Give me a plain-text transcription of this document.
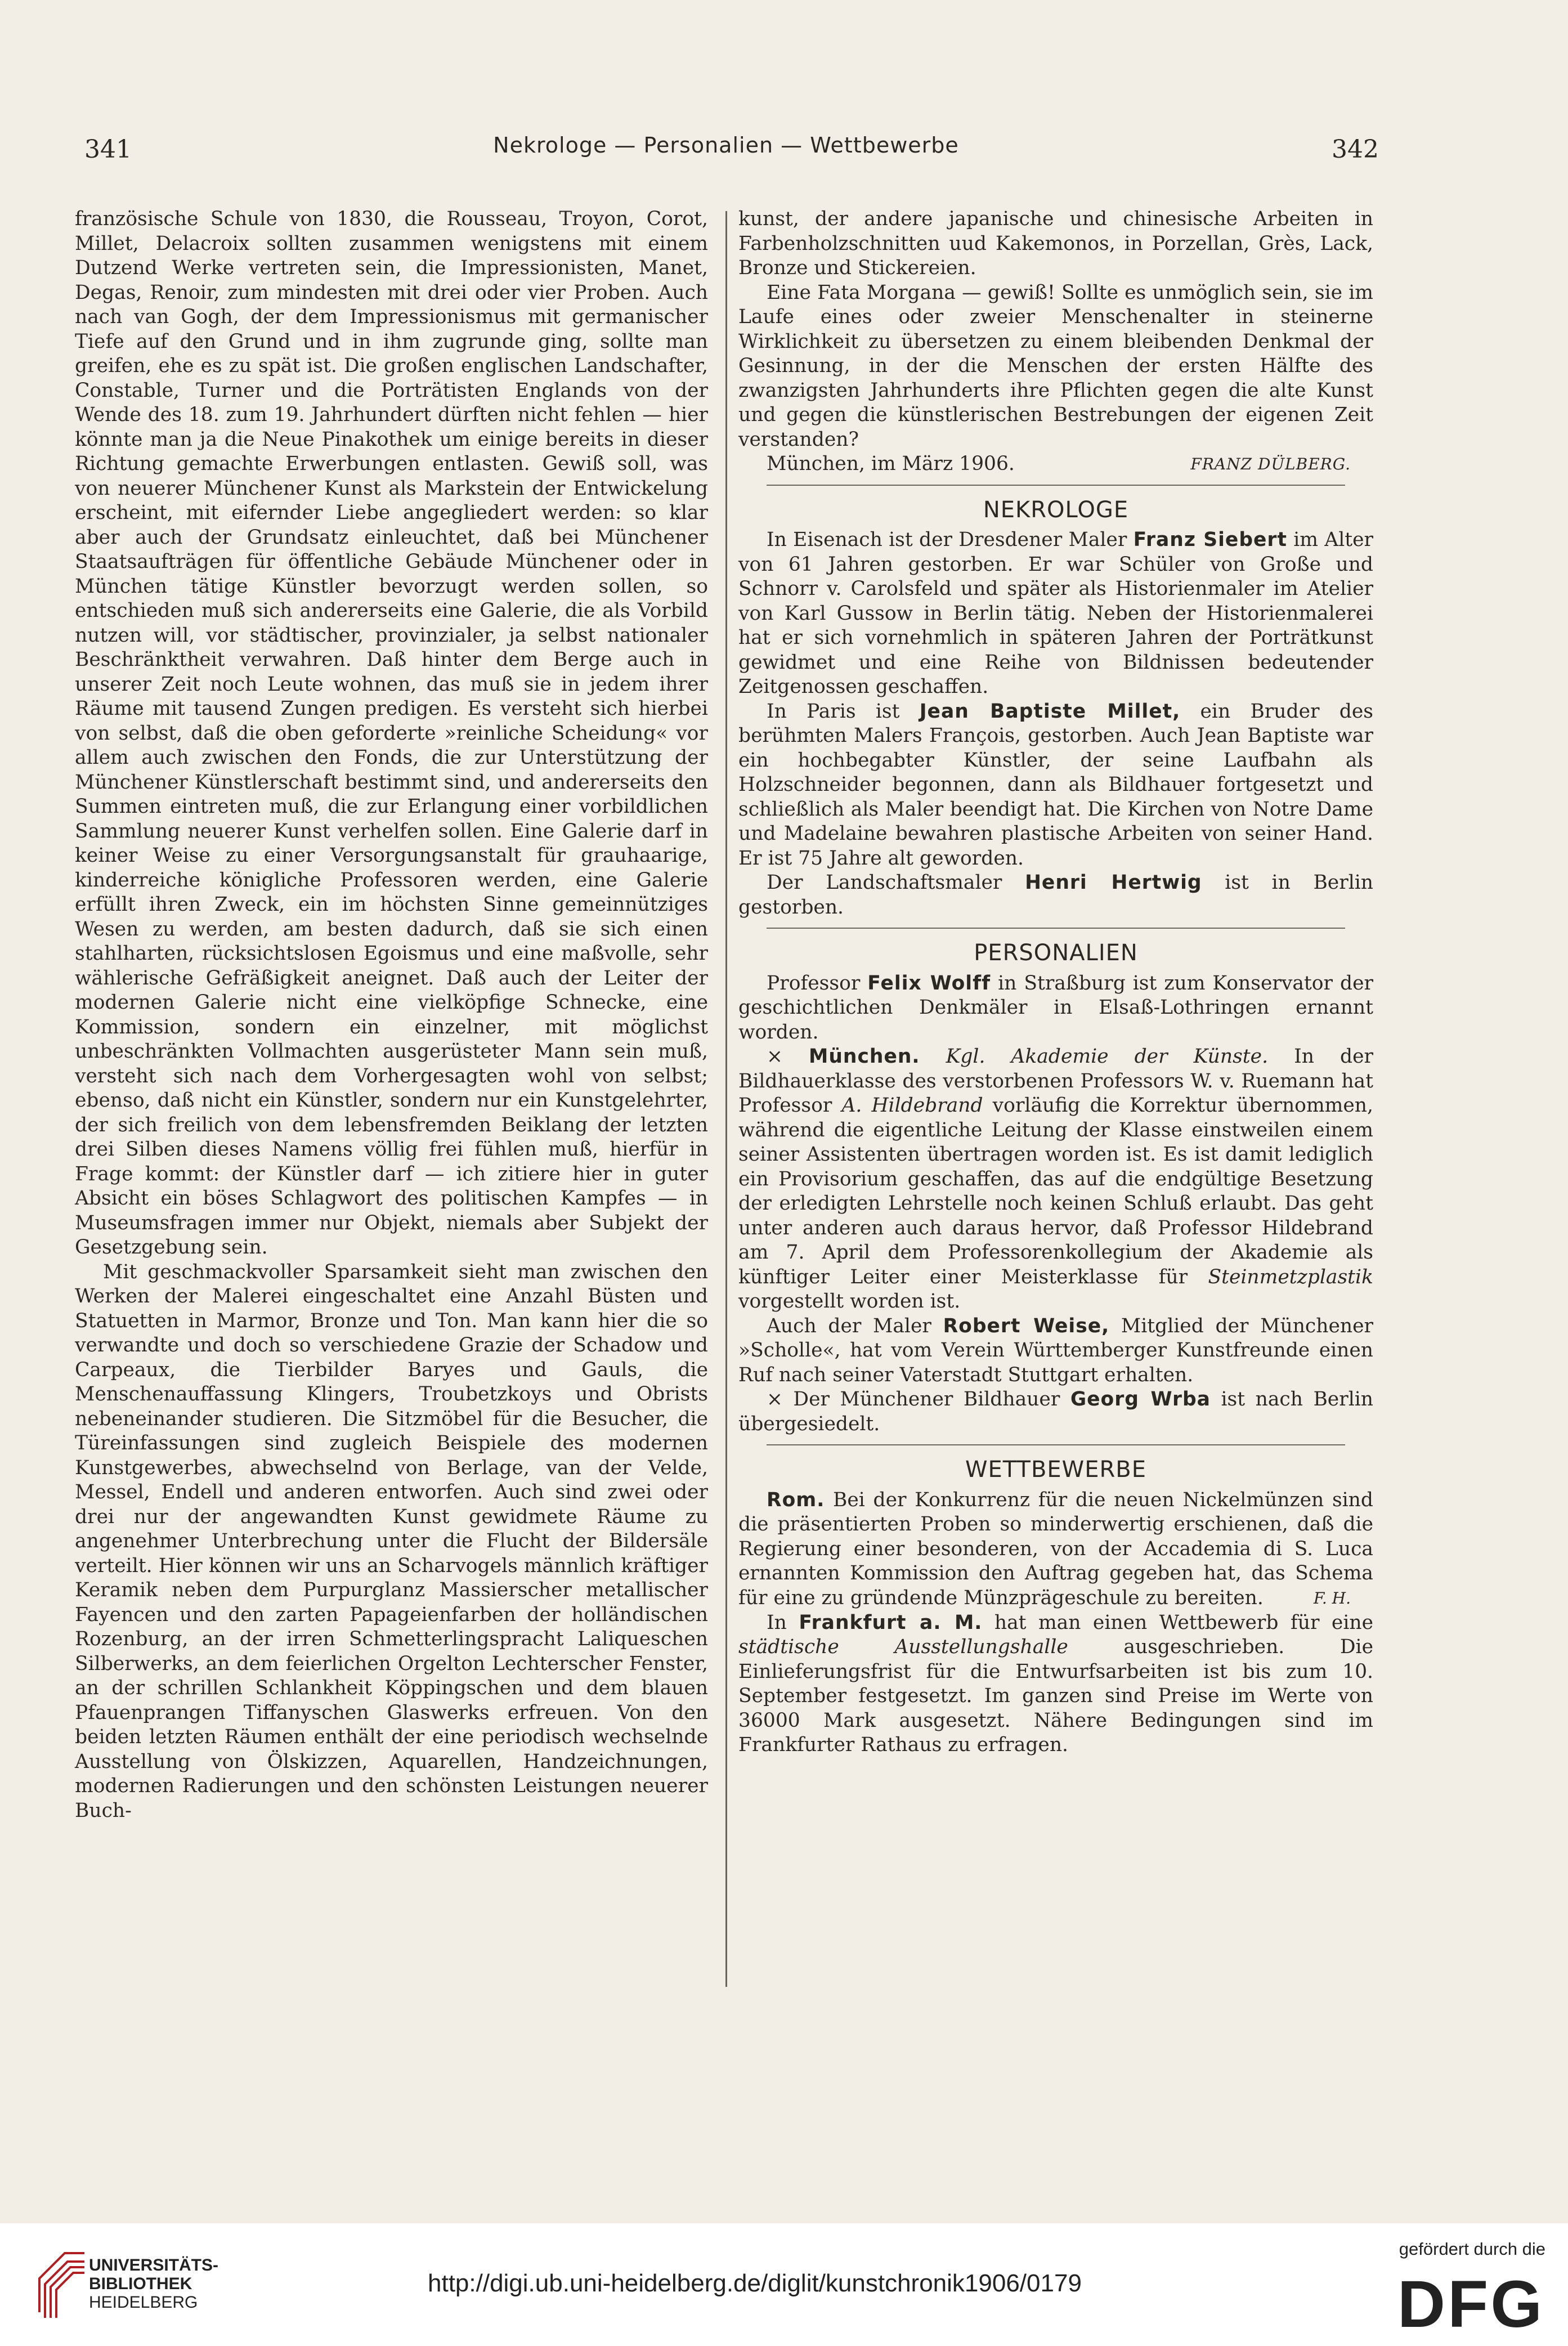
341	Nekrologe — Personalien — Wettbewerbe	342

französische Schule von 1830, die Rousseau, Troyon, Corot, Millet, Delacroix sollten zusammen wenigstens mit einem Dutzend Werke vertreten sein, die Impressionisten, Manet, Degas, Renoir, zum mindesten mit drei oder vier Proben. Auch nach van Gogh, der dem Impressionismus mit germanischer Tiefe auf den Grund und in ihm zugrunde ging, sollte man greifen, ehe es zu spät ist. Die großen englischen Landschafter, Constable, Turner und die Porträtisten Englands von der Wende des 18. zum 19. Jahrhundert dürften nicht fehlen — hier könnte man ja die Neue Pinakothek um einige bereits in dieser Richtung gemachte Erwerbungen entlasten. Gewiß soll, was von neuerer Münchener Kunst als Markstein der Entwickelung erscheint, mit eifernder Liebe angegliedert werden: so klar aber auch der Grundsatz einleuchtet, daß bei Münchener Staatsaufträgen für öffentliche Gebäude Münchener oder in München tätige Künstler bevorzugt werden sollen, so entschieden muß sich andererseits eine Galerie, die als Vorbild nutzen will, vor städtischer, provinzialer, ja selbst nationaler Beschränktheit verwahren. Daß hinter dem Berge auch in unserer Zeit noch Leute wohnen, das muß sie in jedem ihrer Räume mit tausend Zungen predigen. Es versteht sich hierbei von selbst, daß die oben geforderte »reinliche Scheidung« vor allem auch zwischen den Fonds, die zur Unterstützung der Münchener Künstlerschaft bestimmt sind, und andererseits den Summen eintreten muß, die zur Erlangung einer vorbildlichen Sammlung neuerer Kunst verhelfen sollen. Eine Galerie darf in keiner Weise zu einer Versorgungsanstalt für grauhaarige, kinderreiche königliche Professoren werden, eine Galerie erfüllt ihren Zweck, ein im höchsten Sinne gemeinnütziges Wesen zu werden, am besten dadurch, daß sie sich einen stahlharten, rücksichtslosen Egoismus und eine maßvolle, sehr wählerische Gefräßigkeit aneignet. Daß auch der Leiter der modernen Galerie nicht eine vielköpfige Schnecke, eine Kommission, sondern ein einzelner, mit möglichst unbeschränkten Vollmachten ausgerüsteter Mann sein muß, versteht sich nach dem Vorhergesagten wohl von selbst; ebenso, daß nicht ein Künstler, sondern nur ein Kunstgelehrter, der sich freilich von dem lebensfremden Beiklang der letzten drei Silben dieses Namens völlig frei fühlen muß, hierfür in Frage kommt: der Künstler darf — ich zitiere hier in guter Absicht ein böses Schlagwort des politischen Kampfes — in Museumsfragen immer nur Objekt, niemals aber Subjekt der Gesetzgebung sein.

Mit geschmackvoller Sparsamkeit sieht man zwischen den Werken der Malerei eingeschaltet eine Anzahl Büsten und Statuetten in Marmor, Bronze und Ton. Man kann hier die so verwandte und doch so verschiedene Grazie der Schadow und Carpeaux, die Tierbilder Baryes und Gauls, die Menschenauffassung Klingers, Troubetzkoys und Obrists nebeneinander studieren. Die Sitzmöbel für die Besucher, die Türeinfassungen sind zugleich Beispiele des modernen Kunstgewerbes, abwechselnd von Berlage, van der Velde, Messel, Endell und anderen entworfen. Auch sind zwei oder drei nur der angewandten Kunst gewidmete Räume zu angenehmer Unterbrechung unter die Flucht der Bildersäle verteilt. Hier können wir uns an Scharvogels männlich kräftiger Keramik neben dem Purpurglanz Massierscher metallischer Fayencen und den zarten Papageienfarben der holländischen Rozenburg, an der irren Schmetterlingspracht Laliqueschen Silberwerks, an dem feierlichen Orgelton Lechterscher Fenster, an der schrillen Schlankheit Köppingschen und dem blauen Pfauenprangen Tiffanyschen Glaswerks erfreuen. Von den beiden letzten Räumen enthält der eine periodisch wechselnde Ausstellung von Ölskizzen, Aquarellen, Handzeichnungen, modernen Radierungen und den schönsten Leistungen neuerer Buch-

kunst, der andere japanische und chinesische Arbeiten in Farbenholzschnitten uud Kakemonos, in Porzellan, Grès, Lack, Bronze und Stickereien.

Eine Fata Morgana — gewiß! Sollte es unmöglich sein, sie im Laufe eines oder zweier Menschenalter in steinerne Wirklichkeit zu übersetzen zu einem bleibenden Denkmal der Gesinnung, in der die Menschen der ersten Hälfte des zwanzigsten Jahrhunderts ihre Pflichten gegen die alte Kunst und gegen die künstlerischen Bestrebungen der eigenen Zeit verstanden?

München, im März 1906.	FRANZ DÜLBERG.
NEKROLOGE

In Eisenach ist der Dresdener Maler Franz Siebert im Alter von 61 Jahren gestorben. Er war Schüler von Große und Schnorr v. Carolsfeld und später als Historienmaler im Atelier von Karl Gussow in Berlin tätig. Neben der Historienmalerei hat er sich vornehmlich in späteren Jahren der Porträtkunst gewidmet und eine Reihe von Bildnissen bedeutender Zeitgenossen geschaffen.

In Paris ist Jean Baptiste Millet, ein Bruder des berühmten Malers François, gestorben. Auch Jean Baptiste war ein hochbegabter Künstler, der seine Laufbahn als Holzschneider begonnen, dann als Bildhauer fortgesetzt und schließlich als Maler beendigt hat. Die Kirchen von Notre Dame und Madelaine bewahren plastische Arbeiten von seiner Hand. Er ist 75 Jahre alt geworden.

Der Landschaftsmaler Henri Hertwig ist in Berlin gestorben.

PERSONALIEN

Professor Felix Wolff in Straßburg ist zum Konservator der geschichtlichen Denkmäler in Elsaß-Lothringen ernannt worden.

× München. Kgl. Akademie der Künste. In der Bildhauerklasse des verstorbenen Professors W. v. Ruemann hat Professor A. Hildebrand vorläufig die Korrektur übernommen, während die eigentliche Leitung der Klasse einstweilen einem seiner Assistenten übertragen worden ist. Es ist damit lediglich ein Provisorium geschaffen, das auf die endgültige Besetzung der erledigten Lehrstelle noch keinen Schluß erlaubt. Das geht unter anderen auch daraus hervor, daß Professor Hildebrand am 7. April dem Professorenkollegium der Akademie als künftiger Leiter einer Meisterklasse für Steinmetzplastik vorgestellt worden ist.

Auch der Maler Robert Weise, Mitglied der Münchener »Scholle«, hat vom Verein Württemberger Kunstfreunde einen Ruf nach seiner Vaterstadt Stuttgart erhalten.

× Der Münchener Bildhauer Georg Wrba ist nach Berlin übergesiedelt.

WETTBEWERBE

Rom. Bei der Konkurrenz für die neuen Nickelmünzen sind die präsentierten Proben so minderwertig erschienen, daß die Regierung einer besonderen, von der Accademia di S. Luca ernannten Kommission den Auftrag gegeben hat, das Schema für eine zu gründende Münzprägeschule zu bereiten.	F. H.

In Frankfurt a. M. hat man einen Wettbewerb für eine städtische Ausstellungshalle ausgeschrieben. Die Einlieferungsfrist für die Entwurfsarbeiten ist bis zum 10. September festgesetzt. Im ganzen sind Preise im Werte von 36000 Mark ausgesetzt. Nähere Bedingungen sind im Frankfurter Rathaus zu erfragen.

UNIVERSITÄTS-
BIBLIOTHEK
HEIDELBERG
http://digi.ub.uni-heidelberg.de/diglit/kunstchronik1906/0179
gefördert durch die
DFG
